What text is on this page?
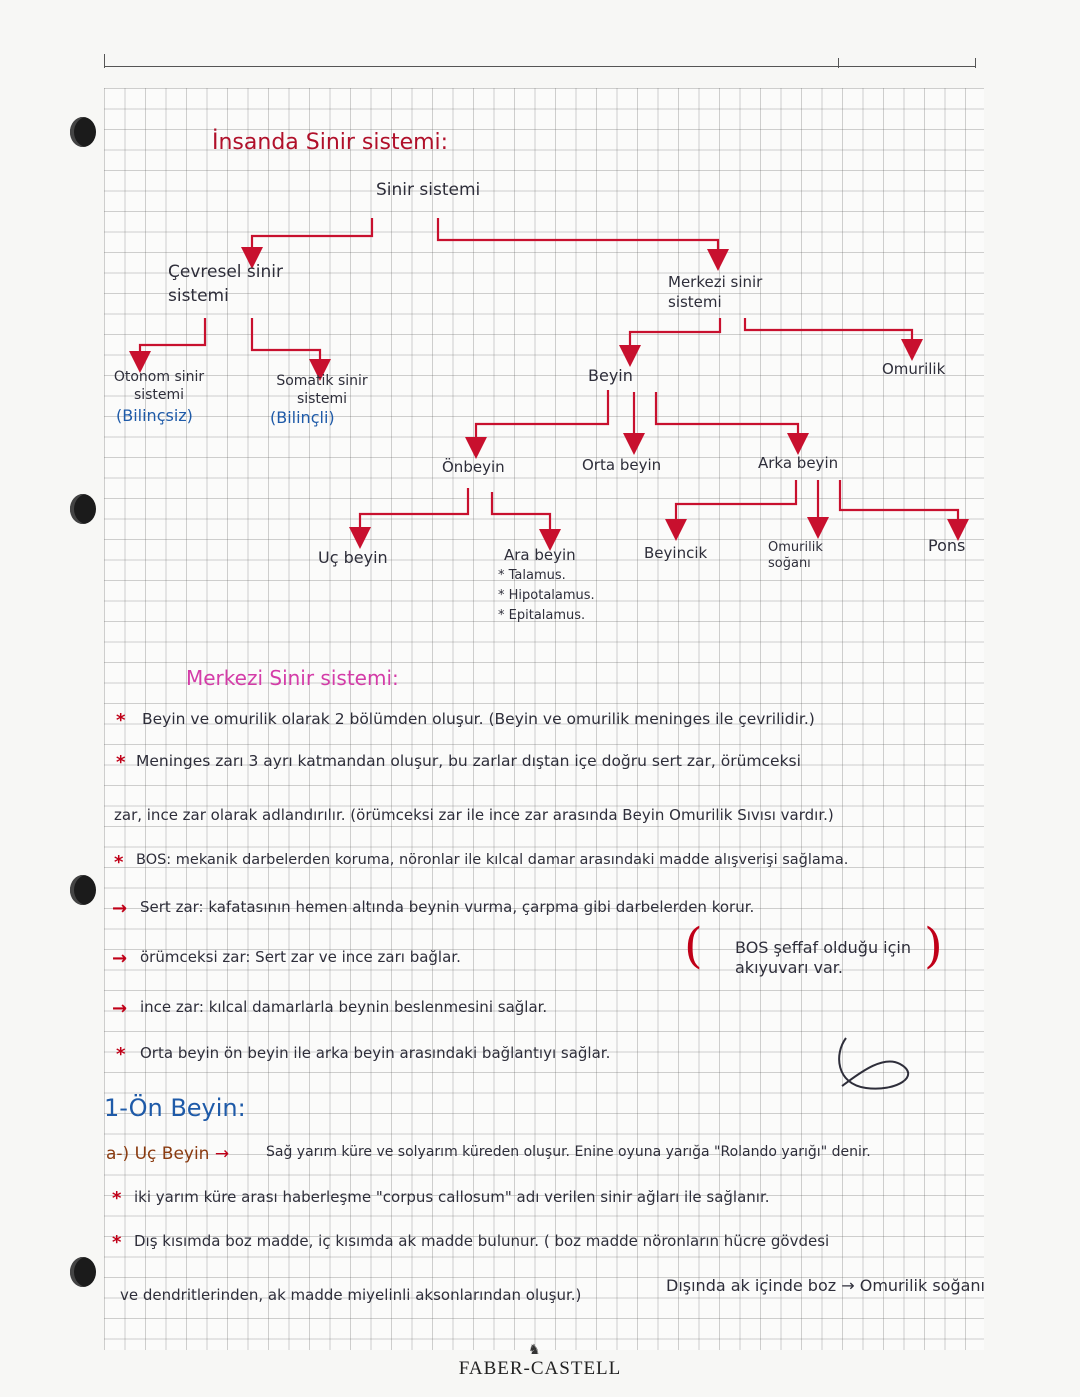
İnsanda Sinir sistemi:
Sinir sistemi
Çevresel sinir sistemi
Merkezi sinir sistemi
Otonom sinir sistemi
(Bilinçsiz)
Somatik sinir sistemi
(Bilinçli)
Beyin	Omurilik
Önbeyin	Orta beyin	Arka beyin
Uç beyin	Ara beyin
* Talamus.
* Hipotalamus.
* Epitalamus.
Beyincik	Omurilik soğanı
Pons
Merkezi Sinir sistemi:
* Beyin ve omurilik olarak 2 bölümden oluşur. (Beyin ve omurilik meninges ile çevrilidir.)
* Meninges zarı 3 ayrı katmandan oluşur, bu zarlar dıştan içe doğru sert zar, örümceksi
zar, ince zar olarak adlandırılır. (örümceksi zar ile ince zar arasında Beyin Omurilik Sıvısı vardır.)
* BOS: mekanik darbelerden koruma, nöronlar ile kılcal damar arasındaki madde alışverişi sağlama.
→ Sert zar: kafatasının hemen altında beynin vurma, çarpma gibi darbelerden korur.
→ örümceksi zar: Sert zar ve ince zarı bağlar.
→ ince zar: kılcal damarlarla beynin beslenmesini sağlar.
* Orta beyin ön beyin ile arka beyin arasındaki bağlantıyı sağlar.
( BOS şeffaf olduğu için akıyuvarı var.	)
1-Ön Beyin:
a-) Uç Beyin →	Sağ yarım küre ve solyarım küreden oluşur. Enine oyuna yarığa "Rolando yarığı" denir.
* iki yarım küre arası haberleşme "corpus callosum" adı verilen sinir ağları ile sağlanır.
* Dış kısımda boz madde, iç kısımda ak madde bulunur. ( boz madde nöronların hücre gövdesi
ve dendritlerinden, ak madde miyelinli aksonlarından oluşur.)	Dışında ak içinde boz → Omurilik soğanı
♞
FABER-CASTELL
